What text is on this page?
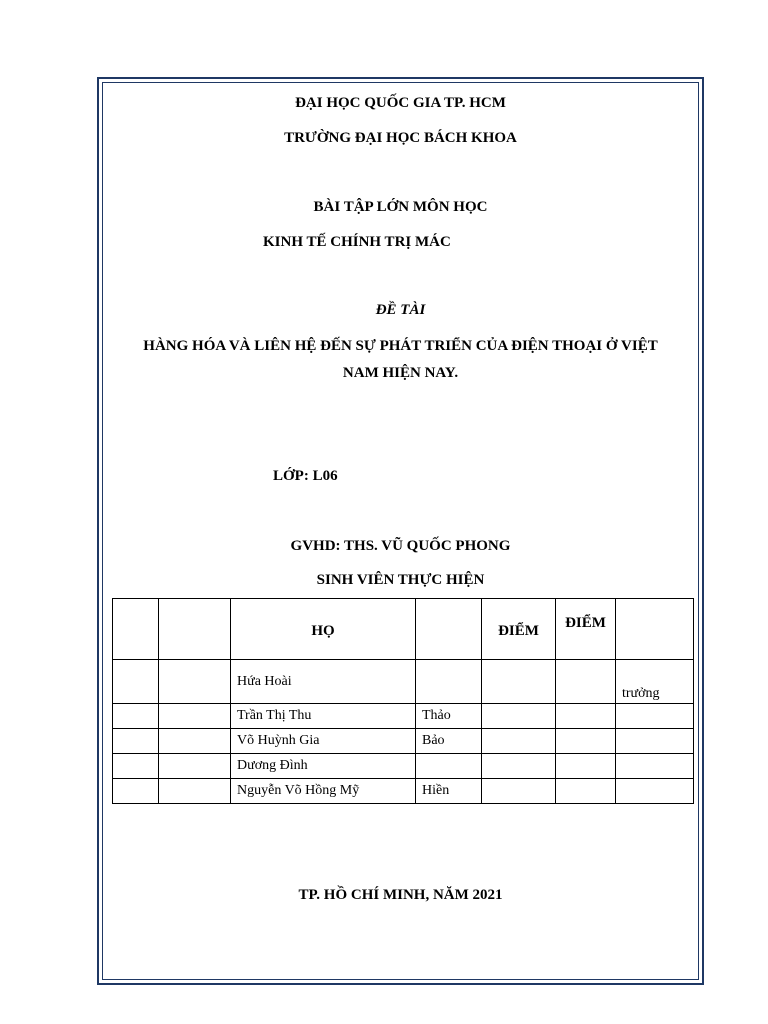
ĐẠI HỌC QUỐC GIA TP. HCM
TRƯỜNG ĐẠI HỌC BÁCH KHOA
BÀI TẬP LỚN MÔN HỌC
KINH TẾ CHÍNH TRỊ MÁC
ĐỀ TÀI
HÀNG HÓA VÀ LIÊN HỆ ĐẾN SỰ PHÁT TRIỂN CỦA ĐIỆN THOẠI Ở VIỆT
NAM HIỆN NAY.
LỚP: L06
GVHD: THS. VŨ QUỐC PHONG
SINH VIÊN THỰC HIỆN
		HỌ		ĐIỂM	ĐIỂM	
		Hứa Hoài				trưởng
		Trần Thị Thu	Thảo			
		Võ Huỳnh Gia	Bảo			
		Dương Đình				
		Nguyễn Võ Hồng Mỹ	Hiền			
TP. HỒ CHÍ MINH, NĂM 2021
